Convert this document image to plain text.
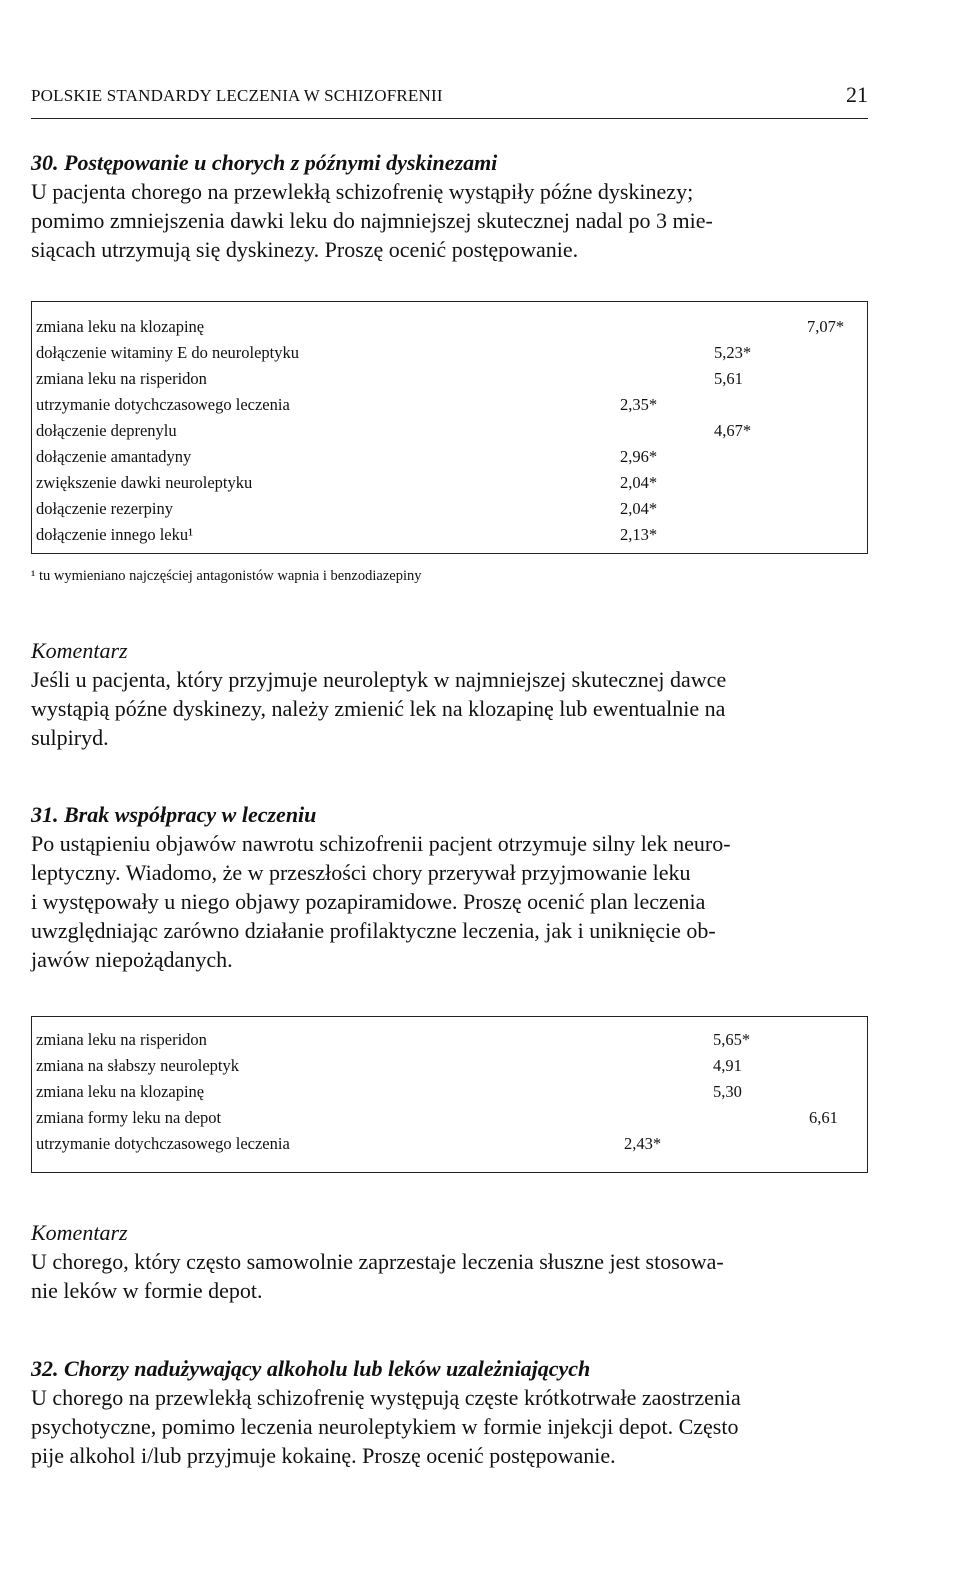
POLSKIE STANDARDY LECZENIA W SCHIZOFRENII	21

30. Postępowanie u chorych z późnymi dyskinezami

U pacjenta chorego na przewlekłą schizofrenię wystąpiły późne dyskinezy;

pomimo zmniejszenia dawki leku do najmniejszej skutecznej nadal po 3 mie-

siącach utrzymują się dyskinezy. Proszę ocenić postępowanie.

zmiana leku na klozapinę	7,07*
dołączenie witaminy E do neuroleptyku	5,23*
zmiana leku na risperidon	5,61
utrzymanie dotychczasowego leczenia	2,35*
dołączenie deprenylu	4,67*
dołączenie amantadyny	2,96*
zwiększenie dawki neuroleptyku	2,04*
dołączenie rezerpiny	2,04*
dołączenie innego leku¹	2,13*
¹ tu wymieniano najczęściej antagonistów wapnia i benzodiazepiny

Komentarz

Jeśli u pacjenta, który przyjmuje neuroleptyk w najmniejszej skutecznej dawce

wystąpią późne dyskinezy, należy zmienić lek na klozapinę lub ewentualnie na

sulpiryd.

31. Brak współpracy w leczeniu

Po ustąpieniu objawów nawrotu schizofrenii pacjent otrzymuje silny lek neuro-

leptyczny. Wiadomo, że w przeszłości chory przerywał przyjmowanie leku

i występowały u niego objawy pozapiramidowe. Proszę ocenić plan leczenia

uwzględniając zarówno działanie profilaktyczne leczenia, jak i uniknięcie ob-

jawów niepożądanych.

zmiana leku na risperidon	5,65*
zmiana na słabszy neuroleptyk	4,91
zmiana leku na klozapinę	5,30
zmiana formy leku na depot	6,61
utrzymanie dotychczasowego leczenia	2,43*

Komentarz

U chorego, który często samowolnie zaprzestaje leczenia słuszne jest stosowa-

nie leków w formie depot.

32. Chorzy nadużywający alkoholu lub leków uzależniających

U chorego na przewlekłą schizofrenię występują częste krótkotrwałe zaostrzenia

psychotyczne, pomimo leczenia neuroleptykiem w formie injekcji depot. Często

pije alkohol i/lub przyjmuje kokainę. Proszę ocenić postępowanie.
